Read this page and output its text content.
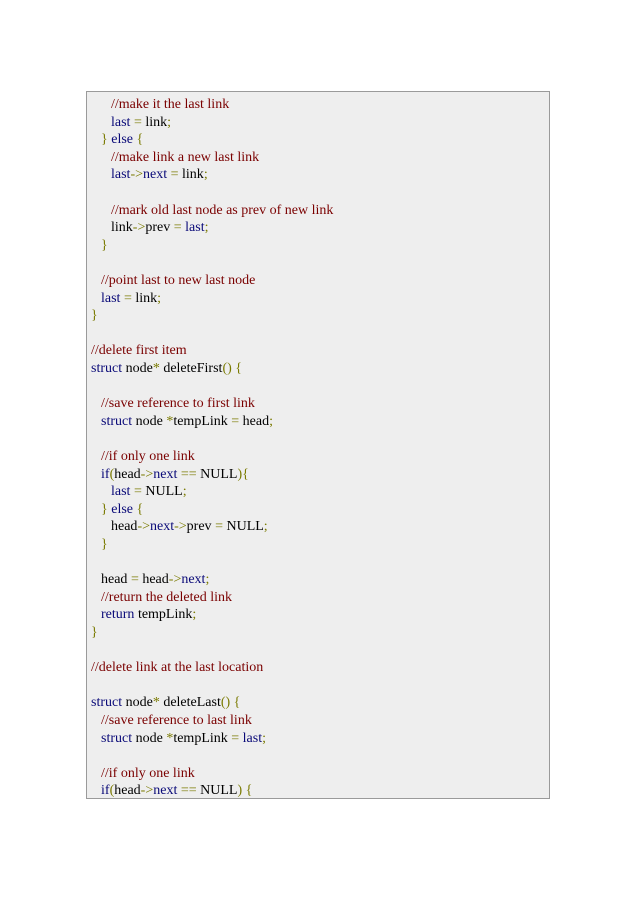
//make it the last link
last = link;
} else {
//make link a new last link
last->next = link;
//mark old last node as prev of new link
link->prev = last;
}
//point last to new last node
last = link;
}
//delete first item
struct node* deleteFirst() {
//save reference to first link
struct node *tempLink = head;
//if only one link
if(head->next == NULL){
last = NULL;
} else {
head->next->prev = NULL;
}
head = head->next;
//return the deleted link
return tempLink;
}
//delete link at the last location
struct node* deleteLast() {
//save reference to last link
struct node *tempLink = last;
//if only one link
if(head->next == NULL) {
